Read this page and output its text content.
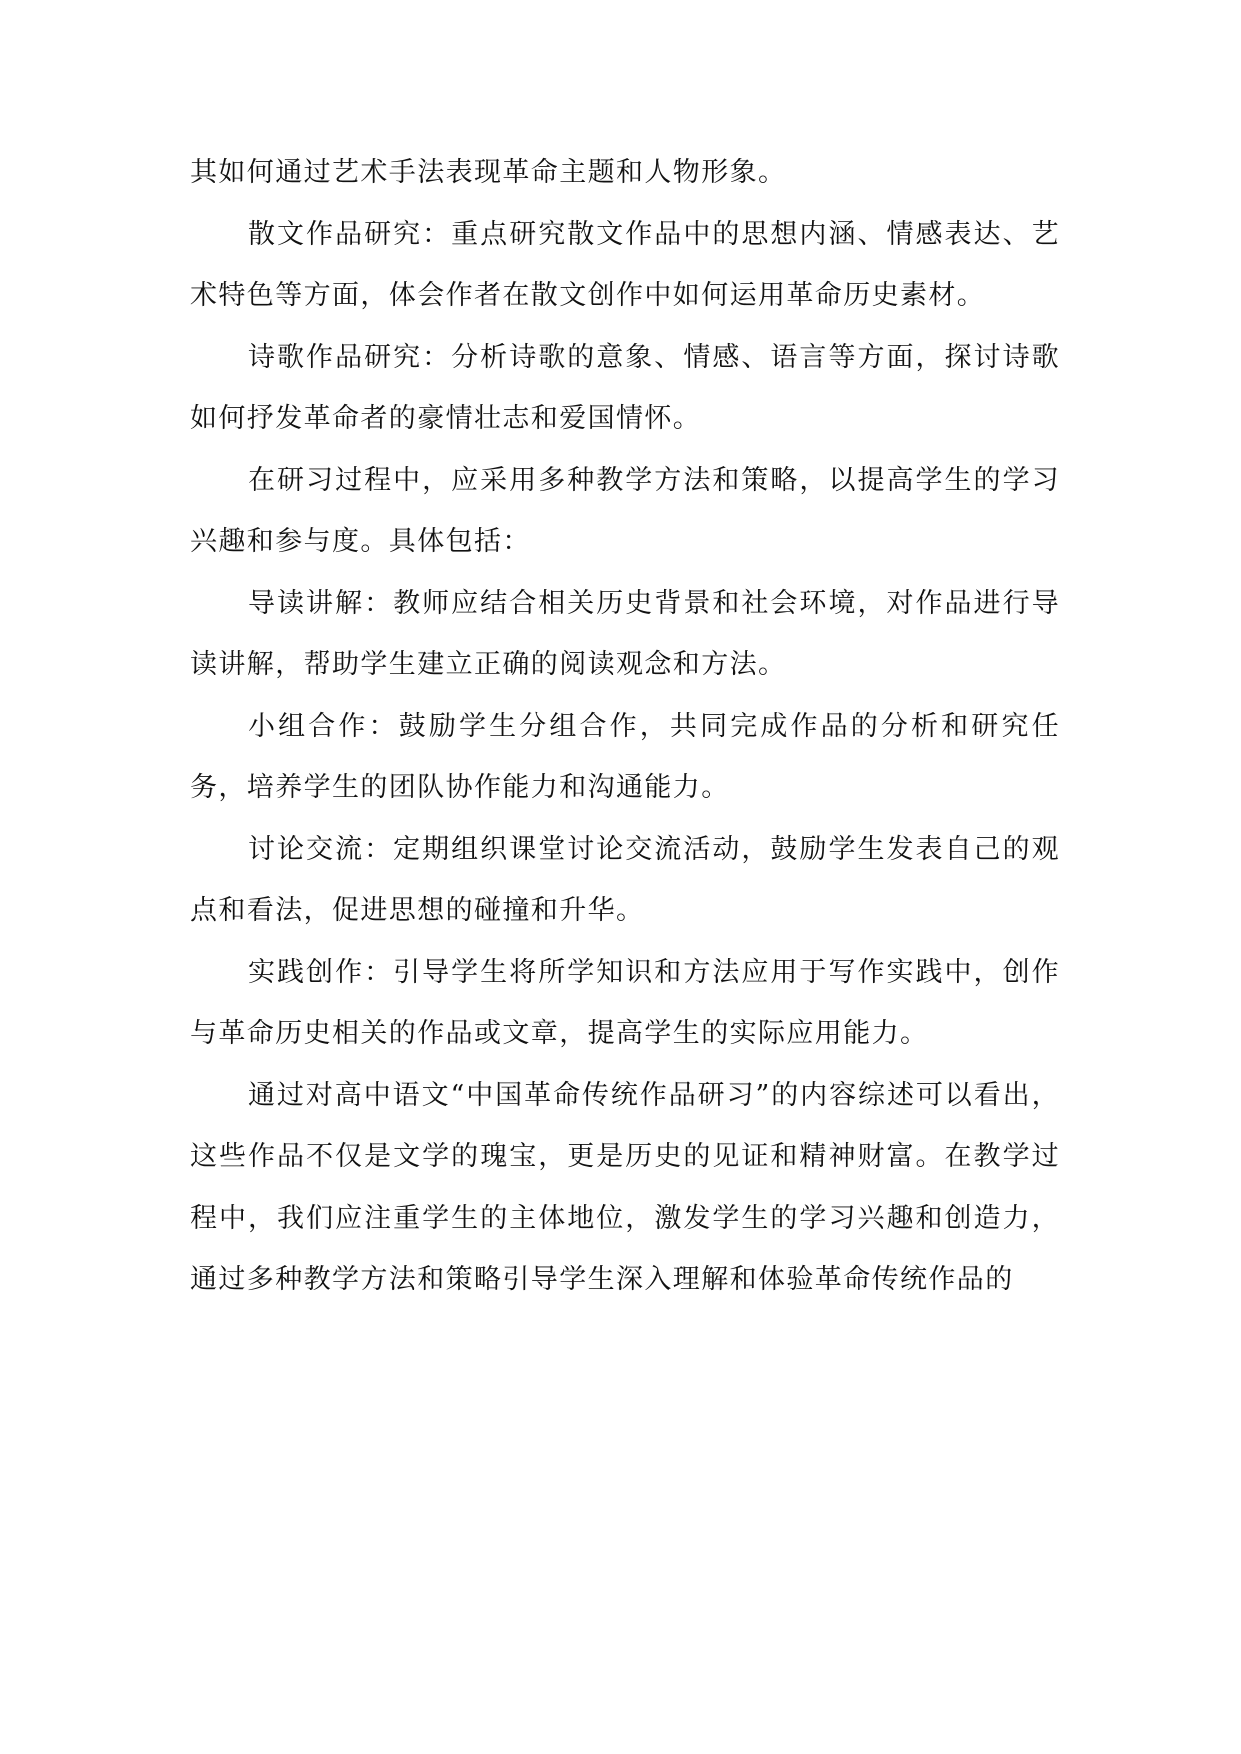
其如何通过艺术手法表现革命主题和人物形象。

散文作品研究：重点研究散文作品中的思想内涵、情感表达、艺术特色等方面，体会作者在散文创作中如何运用革命历史素材。

诗歌作品研究：分析诗歌的意象、情感、语言等方面，探讨诗歌如何抒发革命者的豪情壮志和爱国情怀。

在研习过程中，应采用多种教学方法和策略，以提高学生的学习兴趣和参与度。具体包括：

导读讲解：教师应结合相关历史背景和社会环境，对作品进行导读讲解，帮助学生建立正确的阅读观念和方法。

小组合作：鼓励学生分组合作，共同完成作品的分析和研究任务，培养学生的团队协作能力和沟通能力。

讨论交流：定期组织课堂讨论交流活动，鼓励学生发表自己的观点和看法，促进思想的碰撞和升华。

实践创作：引导学生将所学知识和方法应用于写作实践中，创作与革命历史相关的作品或文章，提高学生的实际应用能力。

通过对高中语文“中国革命传统作品研习”的内容综述可以看出，这些作品不仅是文学的瑰宝，更是历史的见证和精神财富。在教学过程中，我们应注重学生的主体地位，激发学生的学习兴趣和创造力，通过多种教学方法和策略引导学生深入理解和体验革命传统作品的
